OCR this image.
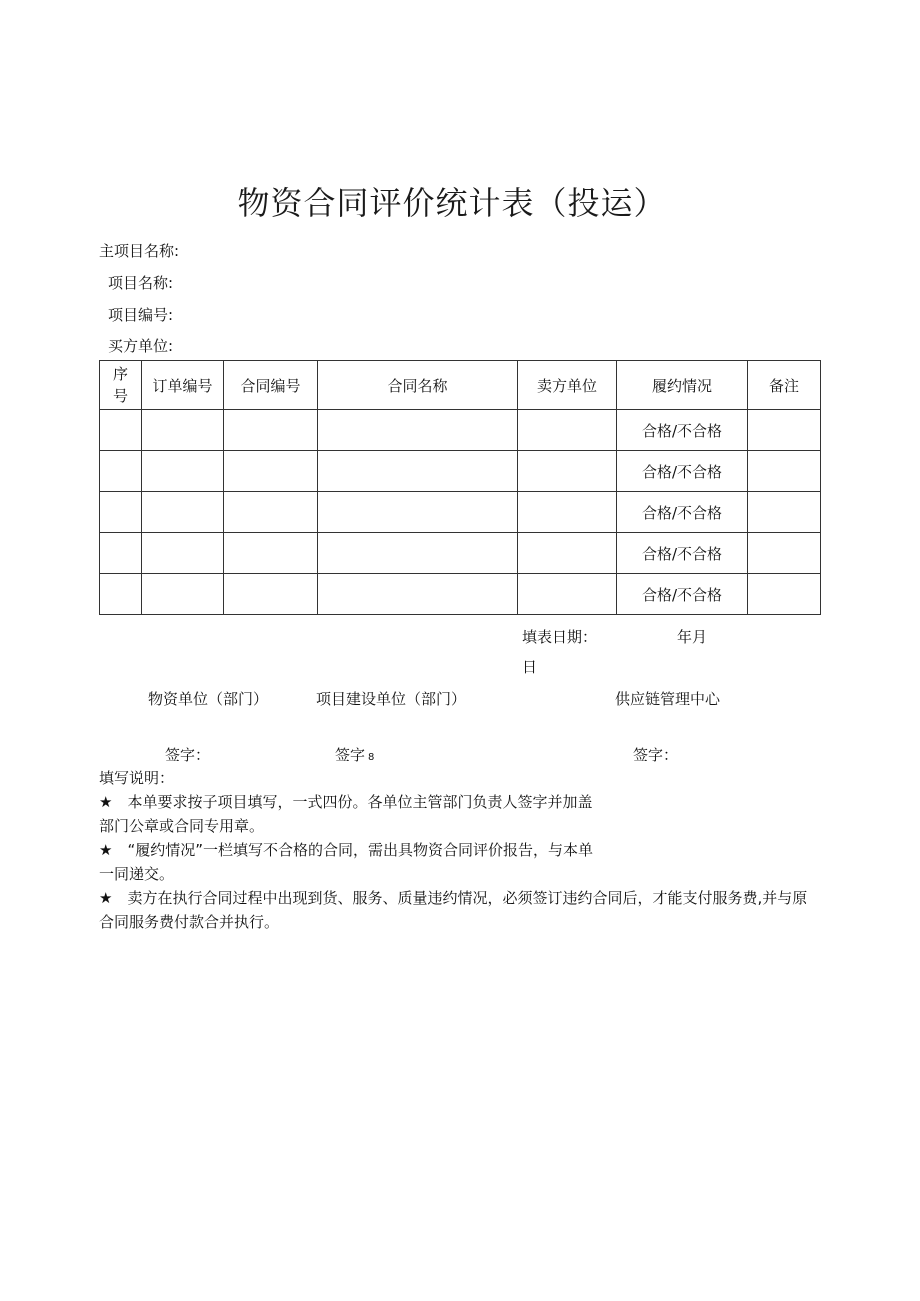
物资合同评价统计表（投运）
主项目名称:
项目名称:
项目编号:
买方单位:
序
号	订单编号	合同编号	合同名称	卖方单位	履约情况	备注
					合格/不合格	
					合格/不合格	
					合格/不合格	
					合格/不合格	
					合格/不合格	
填表日期：	年月
日
物资单位（部门）	项目建设单位（部门）	供应链管理中心
签字：	签字 8	签字：

填写说明：

★　本单要求按子项目填写，一式四份。各单位主管部门负责人签字并加盖部门公章或合同专用章。

★　“履约情况”一栏填写不合格的合同，需出具物资合同评价报告，与本单一同递交。

★　卖方在执行合同过程中出现到货、服务、质量违约情况，必须签订违约合同后，才能支付服务费,并与原合同服务费付款合并执行。
